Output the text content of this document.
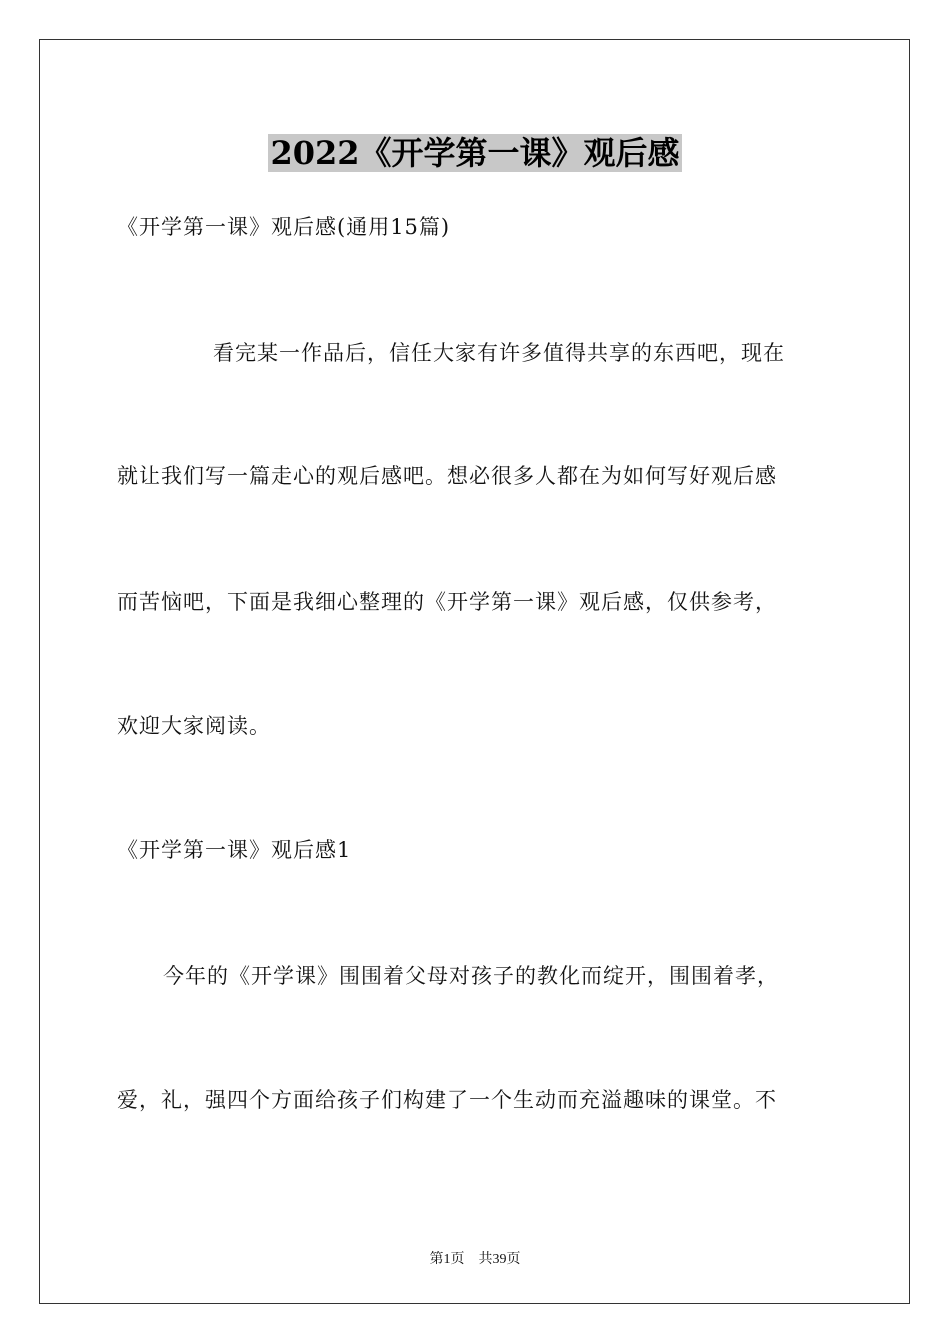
2022《开学第一课》观后感
《开学第一课》观后感(通用15篇)
看完某一作品后，信任大家有许多值得共享的东西吧，现在
就让我们写一篇走心的观后感吧。想必很多人都在为如何写好观后感
而苦恼吧，下面是我细心整理的《开学第一课》观后感，仅供参考，
欢迎大家阅读。
《开学第一课》观后感1
今年的《开学课》围围着父母对孩子的教化而绽开，围围着孝，
爱，礼，强四个方面给孩子们构建了一个生动而充溢趣味的课堂。不
第1页 共39页
